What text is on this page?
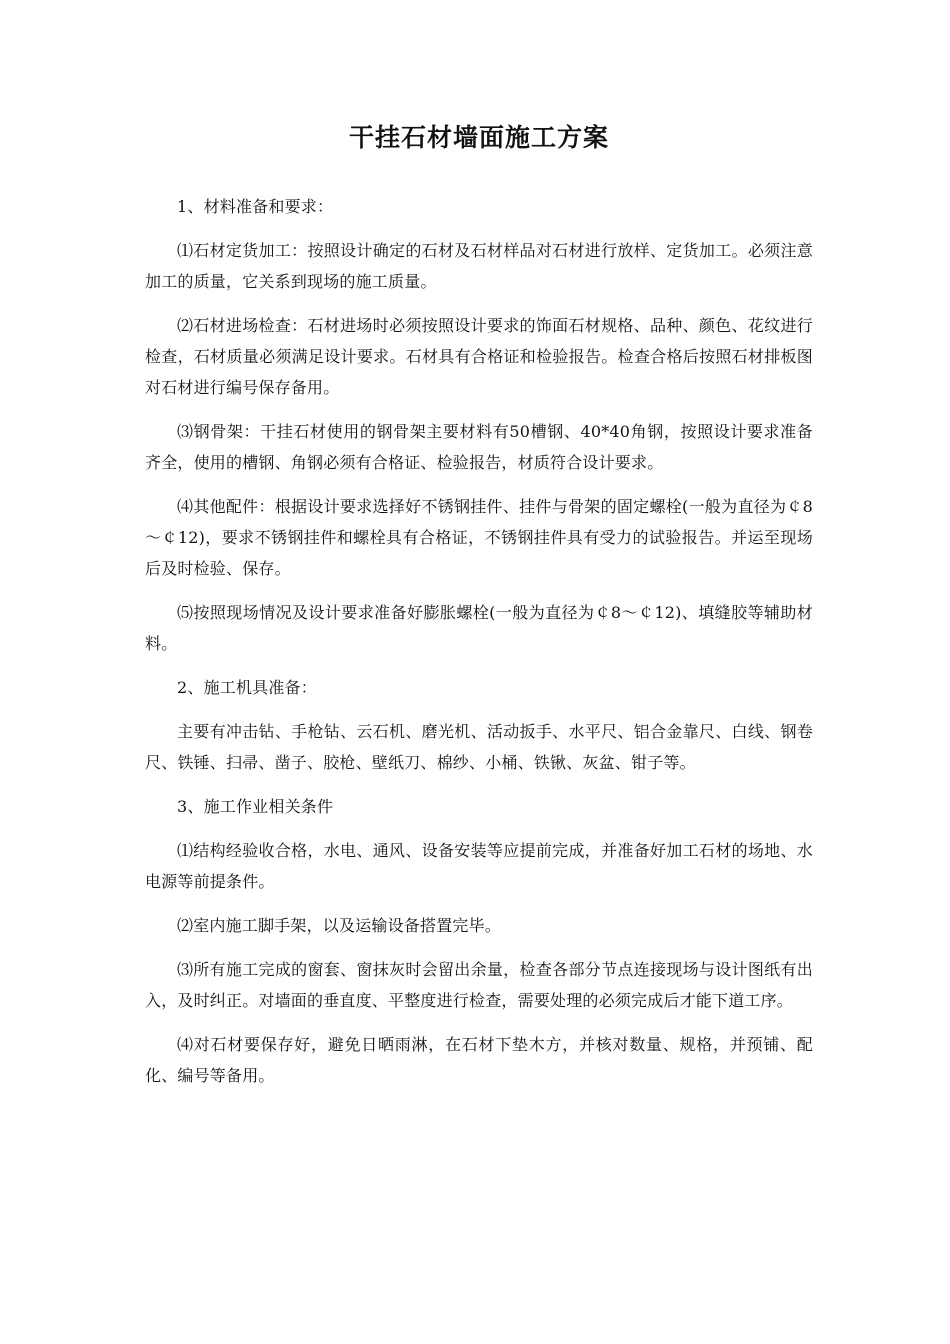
干挂石材墙面施工方案

1、材料准备和要求：

⑴石材定货加工：按照设计确定的石材及石材样品对石材进行放样、定货加工。必须注意加工的质量，它关系到现场的施工质量。

⑵石材进场检查：石材进场时必须按照设计要求的饰面石材规格、品种、颜色、花纹进行检查，石材质量必须满足设计要求。石材具有合格证和检验报告。检查合格后按照石材排板图对石材进行编号保存备用。

⑶钢骨架：干挂石材使用的钢骨架主要材料有50槽钢、40*40角钢，按照设计要求准备齐全，使用的槽钢、角钢必须有合格证、检验报告，材质符合设计要求。

⑷其他配件：根据设计要求选择好不锈钢挂件、挂件与骨架的固定螺栓(一般为直径为￠8～￠12)，要求不锈钢挂件和螺栓具有合格证，不锈钢挂件具有受力的试验报告。并运至现场后及时检验、保存。

⑸按照现场情况及设计要求准备好膨胀螺栓(一般为直径为￠8～￠12)、填缝胶等辅助材料。

2、施工机具准备：

主要有冲击钻、手枪钻、云石机、磨光机、活动扳手、水平尺、铝合金靠尺、白线、钢卷尺、铁锤、扫帚、凿子、胶枪、壁纸刀、棉纱、小桶、铁锹、灰盆、钳子等。

3、施工作业相关条件

⑴结构经验收合格，水电、通风、设备安装等应提前完成，并准备好加工石材的场地、水电源等前提条件。

⑵室内施工脚手架，以及运输设备搭置完毕。

⑶所有施工完成的窗套、窗抹灰时会留出余量，检查各部分节点连接现场与设计图纸有出入，及时纠正。对墙面的垂直度、平整度进行检查，需要处理的必须完成后才能下道工序。

⑷对石材要保存好，避免日晒雨淋，在石材下垫木方，并核对数量、规格，并预铺、配化、编号等备用。
